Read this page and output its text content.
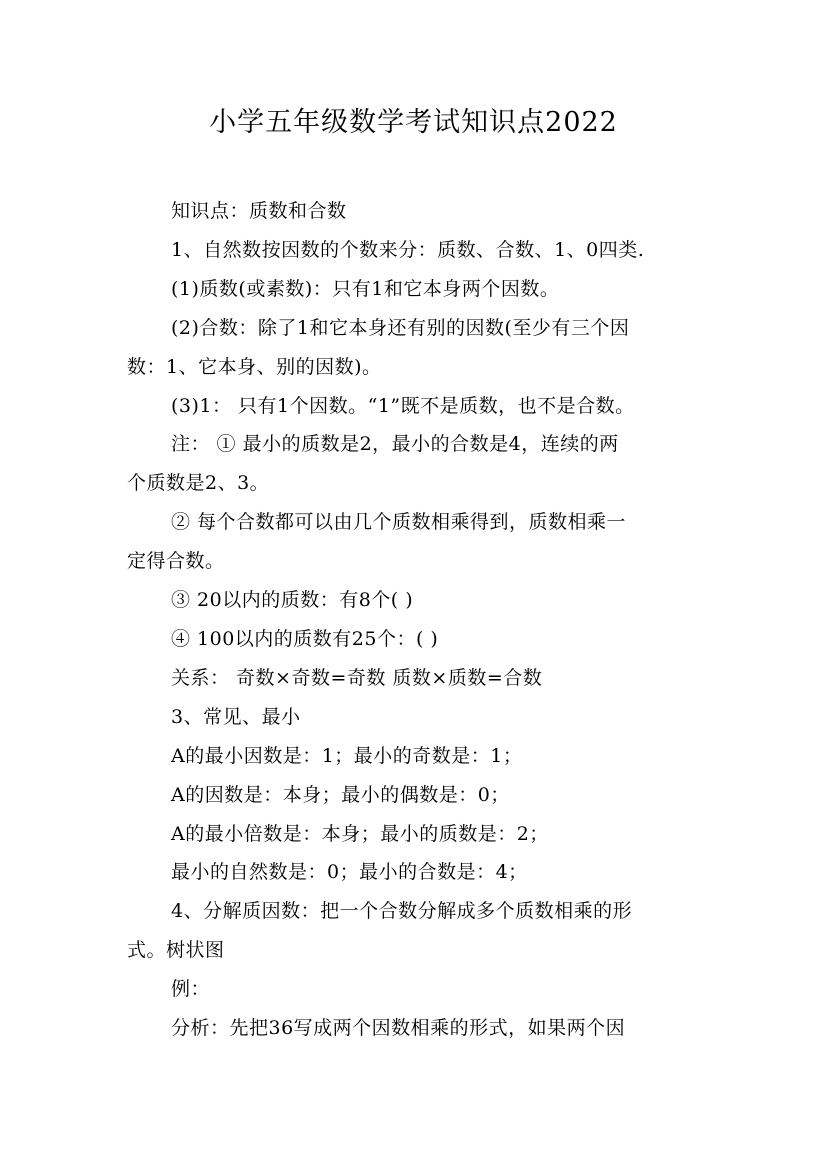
小学五年级数学考试知识点2022

知识点：质数和合数

1、自然数按因数的个数来分：质数、合数、1、0四类.

(1)质数(或素数)：只有1和它本身两个因数。

(2)合数：除了1和它本身还有别的因数(至少有三个因

数：1、它本身、别的因数)。

(3)1： 只有1个因数。“1”既不是质数，也不是合数。

注： ① 最小的质数是2，最小的合数是4，连续的两

个质数是2、3。

② 每个合数都可以由几个质数相乘得到，质数相乘一

定得合数。

③ 20以内的质数：有8个( )

④ 100以内的质数有25个：( )

关系： 奇数×奇数=奇数 质数×质数=合数

3、常见、最小

A的最小因数是：1；最小的奇数是：1；

A的因数是：本身；最小的偶数是：0；

A的最小倍数是：本身；最小的质数是：2；

最小的自然数是：0；最小的合数是：4；

4、分解质因数：把一个合数分解成多个质数相乘的形

式。树状图

例：

分析：先把36写成两个因数相乘的形式，如果两个因
